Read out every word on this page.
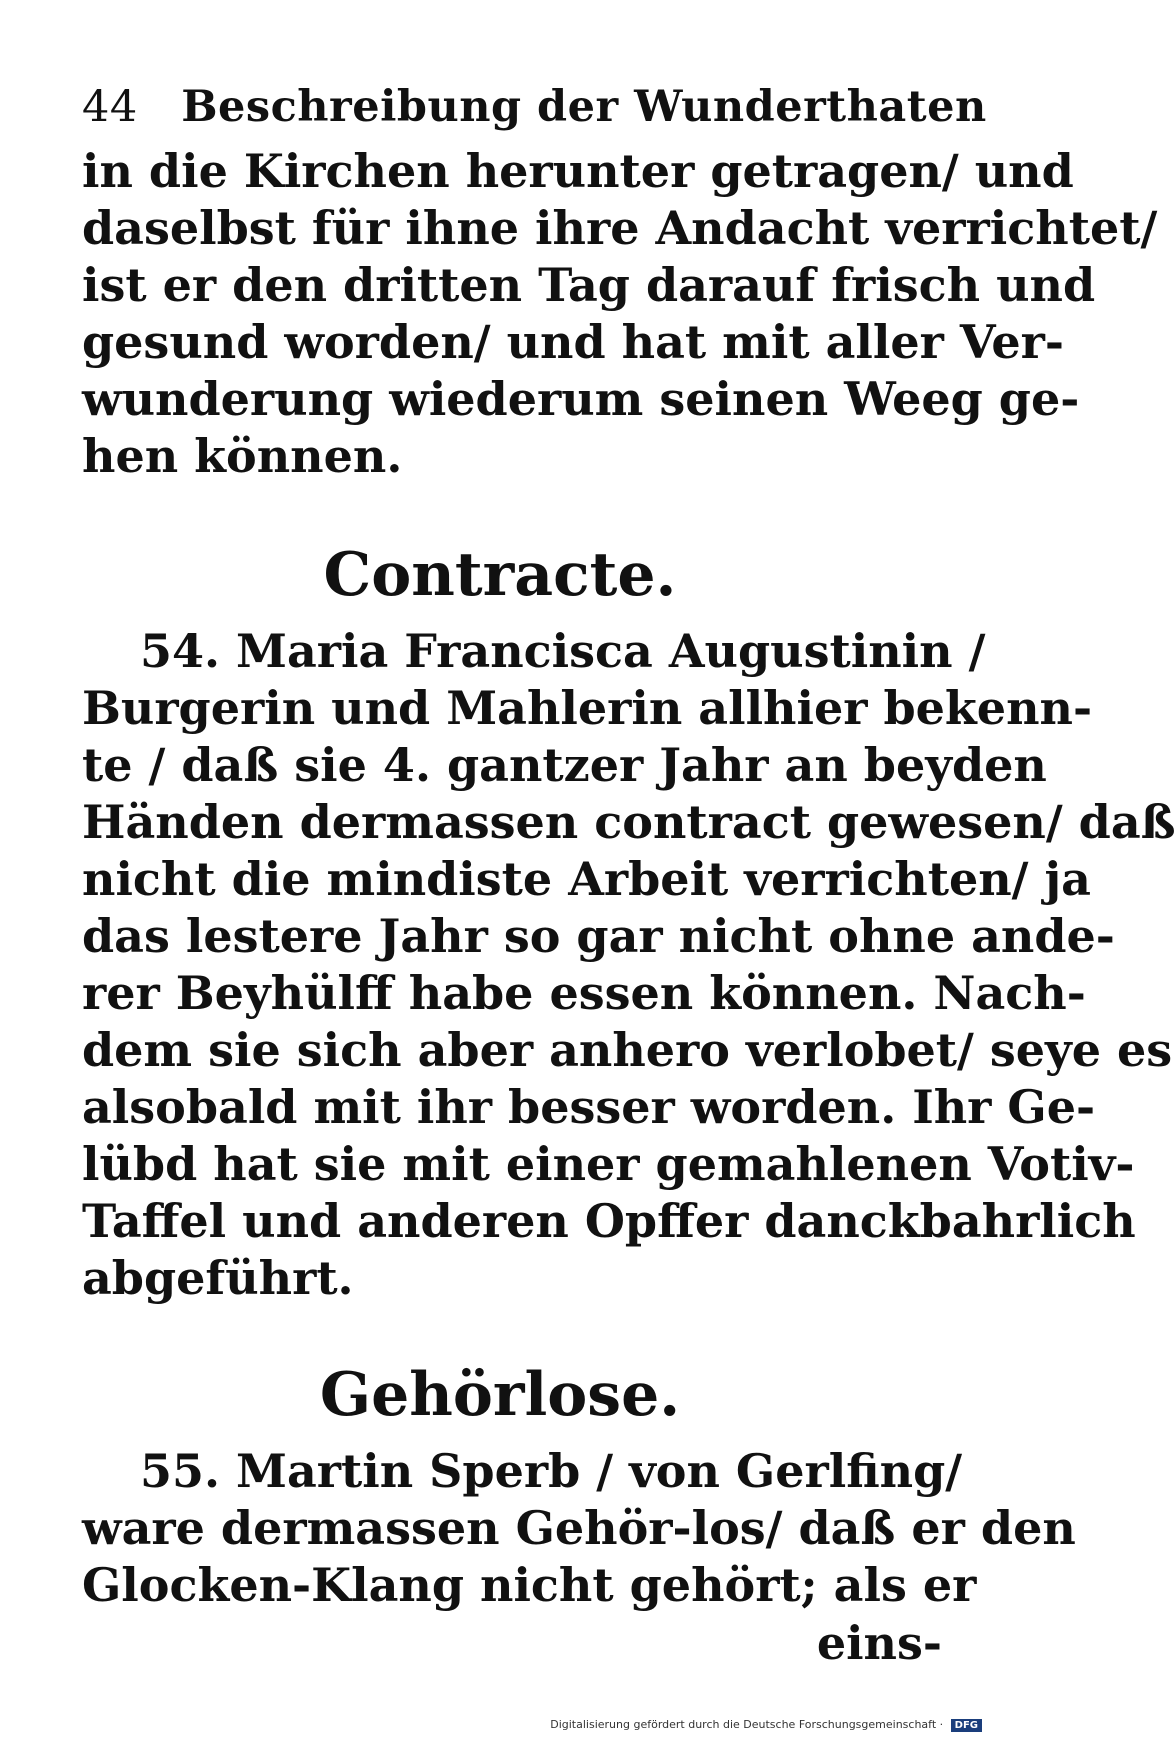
44 Beschreibung der Wunderthaten
in die Kirchen herunter getragen/ und
daselbst für ihne ihre Andacht verrichtet/
ist er den dritten Tag darauf frisch und
gesund worden/ und hat mit aller Ver-
wunderung wiederum seinen Weeg ge-
hen können.
Contracte.
54. Maria Francisca Augustinin /
Burgerin und Mahlerin allhier bekenn-
te / daß sie 4. gantzer Jahr an beyden
Händen dermassen contract gewesen/ daß
nicht die mindiste Arbeit verrichten/ ja
das lestere Jahr so gar nicht ohne ande-
rer Beyhülff habe essen können. Nach-
dem sie sich aber anhero verlobet/ seye es
alsobald mit ihr besser worden. Ihr Ge-
lübd hat sie mit einer gemahlenen Votiv-
Taffel und anderen Opffer danckbahrlich
abgeführt.
Gehörlose.
55. Martin Sperb / von Gerlfing/
ware dermassen Gehör-los/ daß er den
Glocken-Klang nicht gehört; als er
eins-
Digitalisierung gefördert durch die Deutsche Forschungsgemeinschaft · DFG
